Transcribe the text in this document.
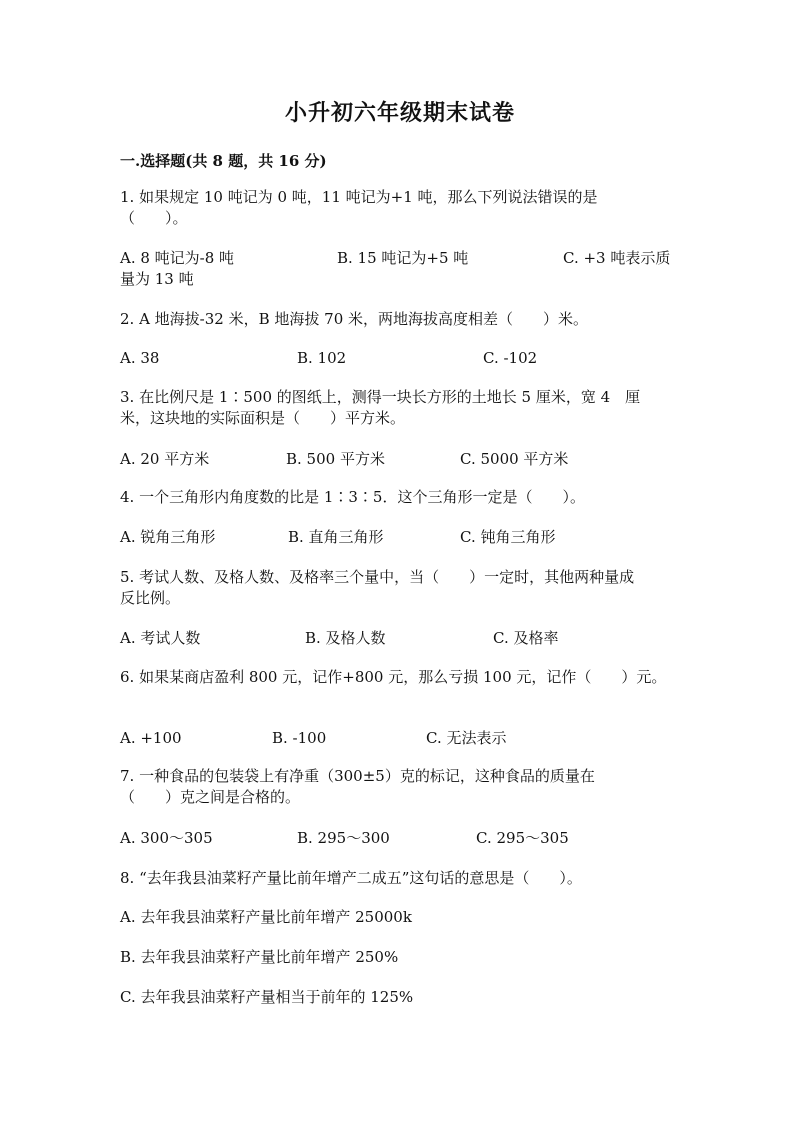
小升初六年级期末试卷
一.选择题(共 8 题，共 16 分)
1. 如果规定 10 吨记为 0 吨，11 吨记为+1 吨，那么下列说法错误的是
（　　）。
A. 8 吨记为-8 吨	B. 15 吨记为+5 吨	C. +3 吨表示质
量为 13 吨
2. A 地海拔-32 米，B 地海拔 70 米，两地海拔高度相差（　　）米。
A. 38	B. 102	C. -102
3. 在比例尺是 1∶500 的图纸上，测得一块长方形的土地长 5 厘米，宽 4　厘
米，这块地的实际面积是（　　）平方米。
A. 20 平方米	B. 500 平方米	C. 5000 平方米
4. 一个三角形内角度数的比是 1∶3∶5．这个三角形一定是（　　）。
A. 锐角三角形	B. 直角三角形	C. 钝角三角形
5. 考试人数、及格人数、及格率三个量中，当（　　）一定时，其他两种量成
反比例。
A. 考试人数	B. 及格人数	C. 及格率
6. 如果某商店盈利 800 元，记作+800 元，那么亏损 100 元，记作（　　）元。
A. +100	B. -100	C. 无法表示
7. 一种食品的包装袋上有净重（300±5）克的标记，这种食品的质量在
（　　）克之间是合格的。
A. 300～305	B. 295～300	C. 295～305
8. “去年我县油菜籽产量比前年增产二成五”这句话的意思是（　　）。
A. 去年我县油菜籽产量比前年增产 25000k
B. 去年我县油菜籽产量比前年增产 250%
C. 去年我县油菜籽产量相当于前年的 125%
